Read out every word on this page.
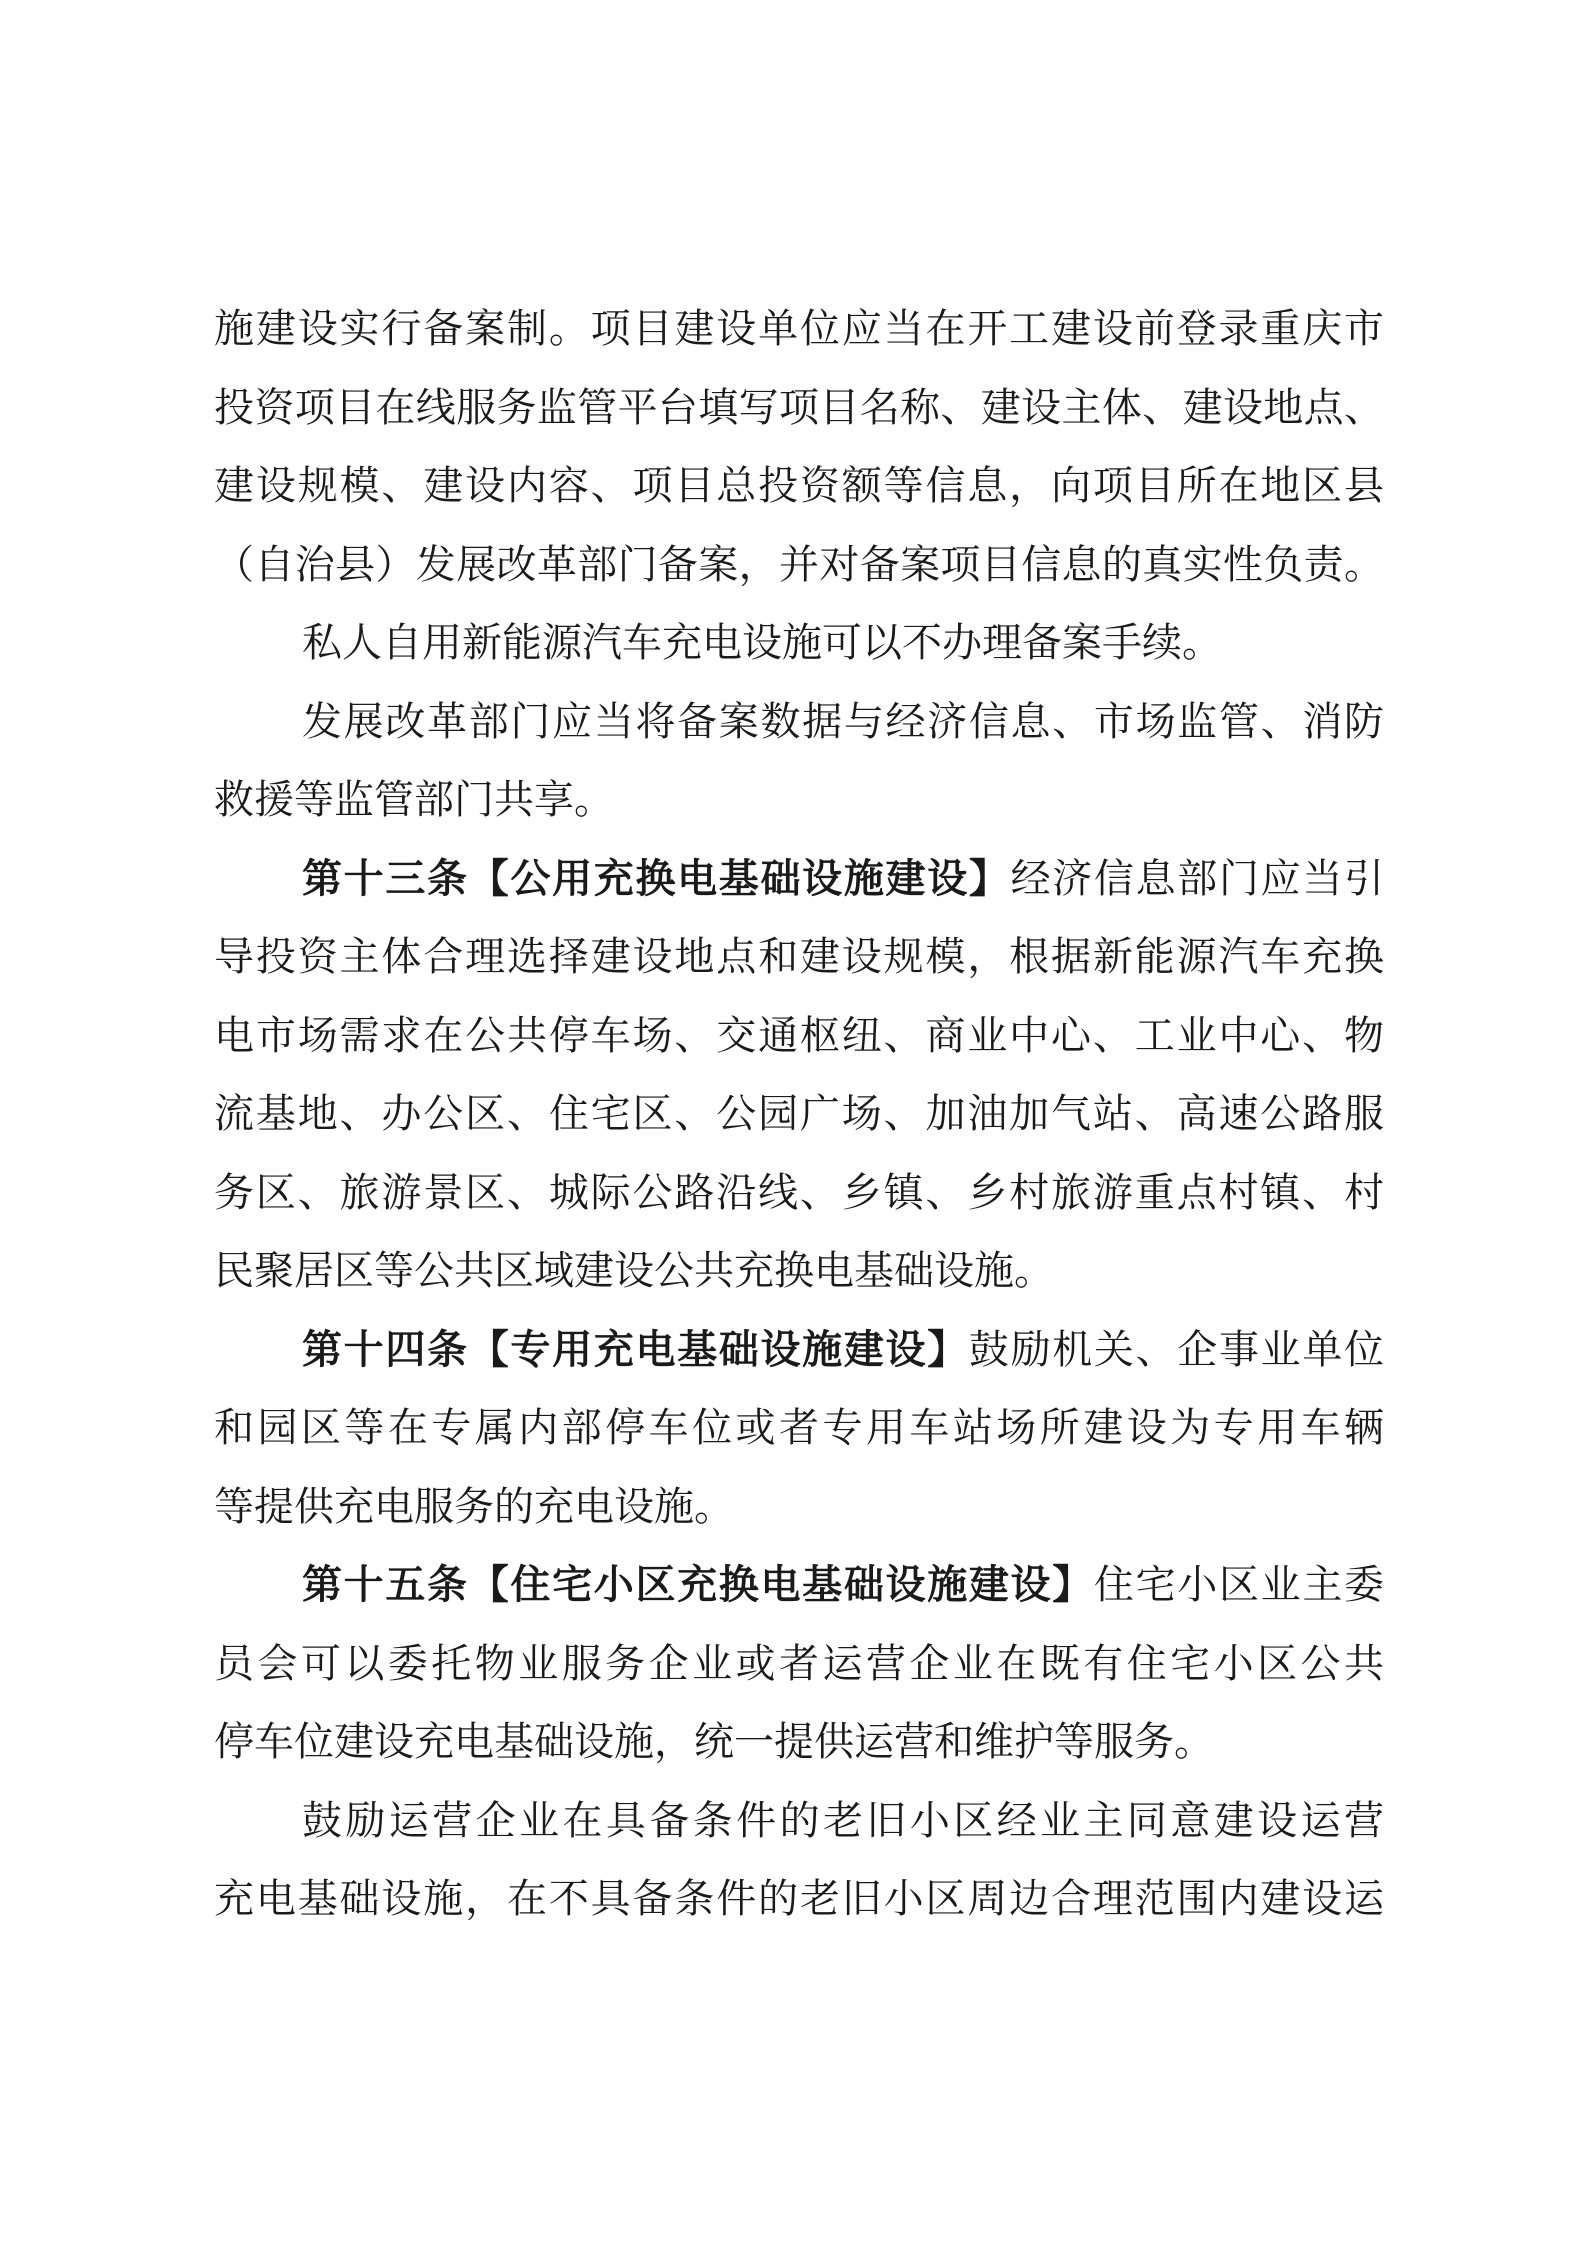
施建设实行备案制。项目建设单位应当在开工建设前登录重庆市
投资项目在线服务监管平台填写项目名称、建设主体、建设地点、
建设规模、建设内容、项目总投资额等信息，向项目所在地区县
（自治县）发展改革部门备案，并对备案项目信息的真实性负责。
私人自用新能源汽车充电设施可以不办理备案手续。
发展改革部门应当将备案数据与经济信息、市场监管、消防
救援等监管部门共享。
第十三条【公用充换电基础设施建设】经济信息部门应当引
导投资主体合理选择建设地点和建设规模，根据新能源汽车充换
电市场需求在公共停车场、交通枢纽、商业中心、工业中心、物
流基地、办公区、住宅区、公园广场、加油加气站、高速公路服
务区、旅游景区、城际公路沿线、乡镇、乡村旅游重点村镇、村
民聚居区等公共区域建设公共充换电基础设施。
第十四条【专用充电基础设施建设】鼓励机关、企事业单位
和园区等在专属内部停车位或者专用车站场所建设为专用车辆
等提供充电服务的充电设施。
第十五条【住宅小区充换电基础设施建设】住宅小区业主委
员会可以委托物业服务企业或者运营企业在既有住宅小区公共
停车位建设充电基础设施，统一提供运营和维护等服务。
鼓励运营企业在具备条件的老旧小区经业主同意建设运营
充电基础设施，在不具备条件的老旧小区周边合理范围内建设运
